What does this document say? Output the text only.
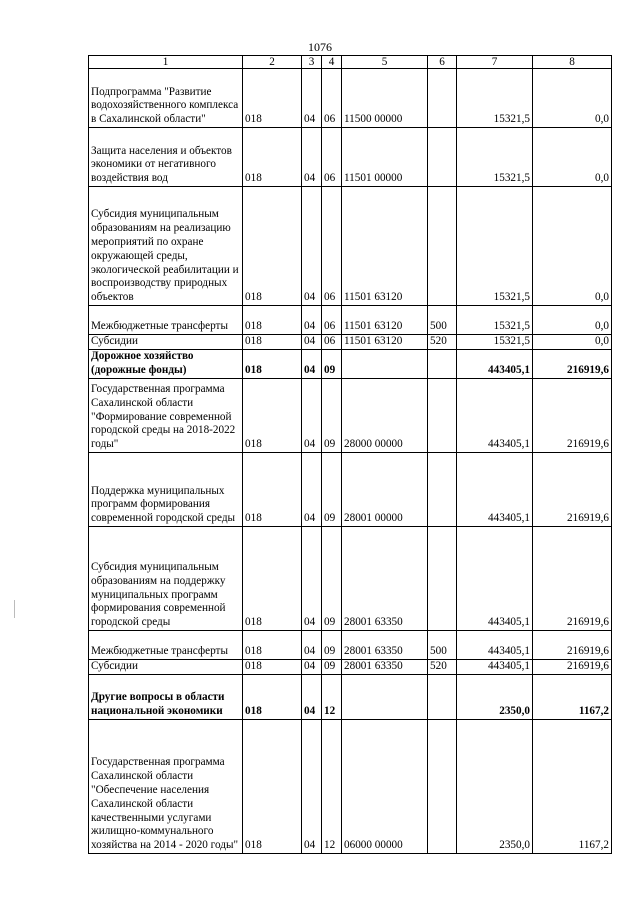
1076
1	2	3	4	5	6	7	8
Подпрограмма "Развитие водохозяйственного комплекса в Сахалинской области"	018	04	06	11500 00000		15321,5	0,0
Защита населения и объектов экономики от негативного воздействия вод	018	04	06	11501 00000		15321,5	0,0
Субсидия муниципальным образованиям на реализацию мероприятий по охране окружающей среды, экологической реабилитации и воспроизводству природных объектов	018	04	06	11501 63120		15321,5	0,0
Межбюджетные трансферты	018	04	06	11501 63120	500	15321,5	0,0
Субсидии	018	04	06	11501 63120	520	15321,5	0,0
Дорожное хозяйство (дорожные фонды)	018	04	09			443405,1	216919,6
Государственная программа Сахалинской области "Формирование современной городской среды на 2018-2022 годы"	018	04	09	28000 00000		443405,1	216919,6
Поддержка муниципальных программ формирования современной городской среды	018	04	09	28001 00000		443405,1	216919,6
Субсидия муниципальным образованиям на поддержку муниципальных программ формирования современной городской среды	018	04	09	28001 63350		443405,1	216919,6
Межбюджетные трансферты	018	04	09	28001 63350	500	443405,1	216919,6
Субсидии	018	04	09	28001 63350	520	443405,1	216919,6
Другие вопросы в области национальной экономики	018	04	12			2350,0	1167,2
Государственная программа Сахалинской области "Обеспечение населения Сахалинской области качественными услугами жилищно-коммунального хозяйства на 2014 - 2020 годы"	018	04	12	06000 00000		2350,0	1167,2
